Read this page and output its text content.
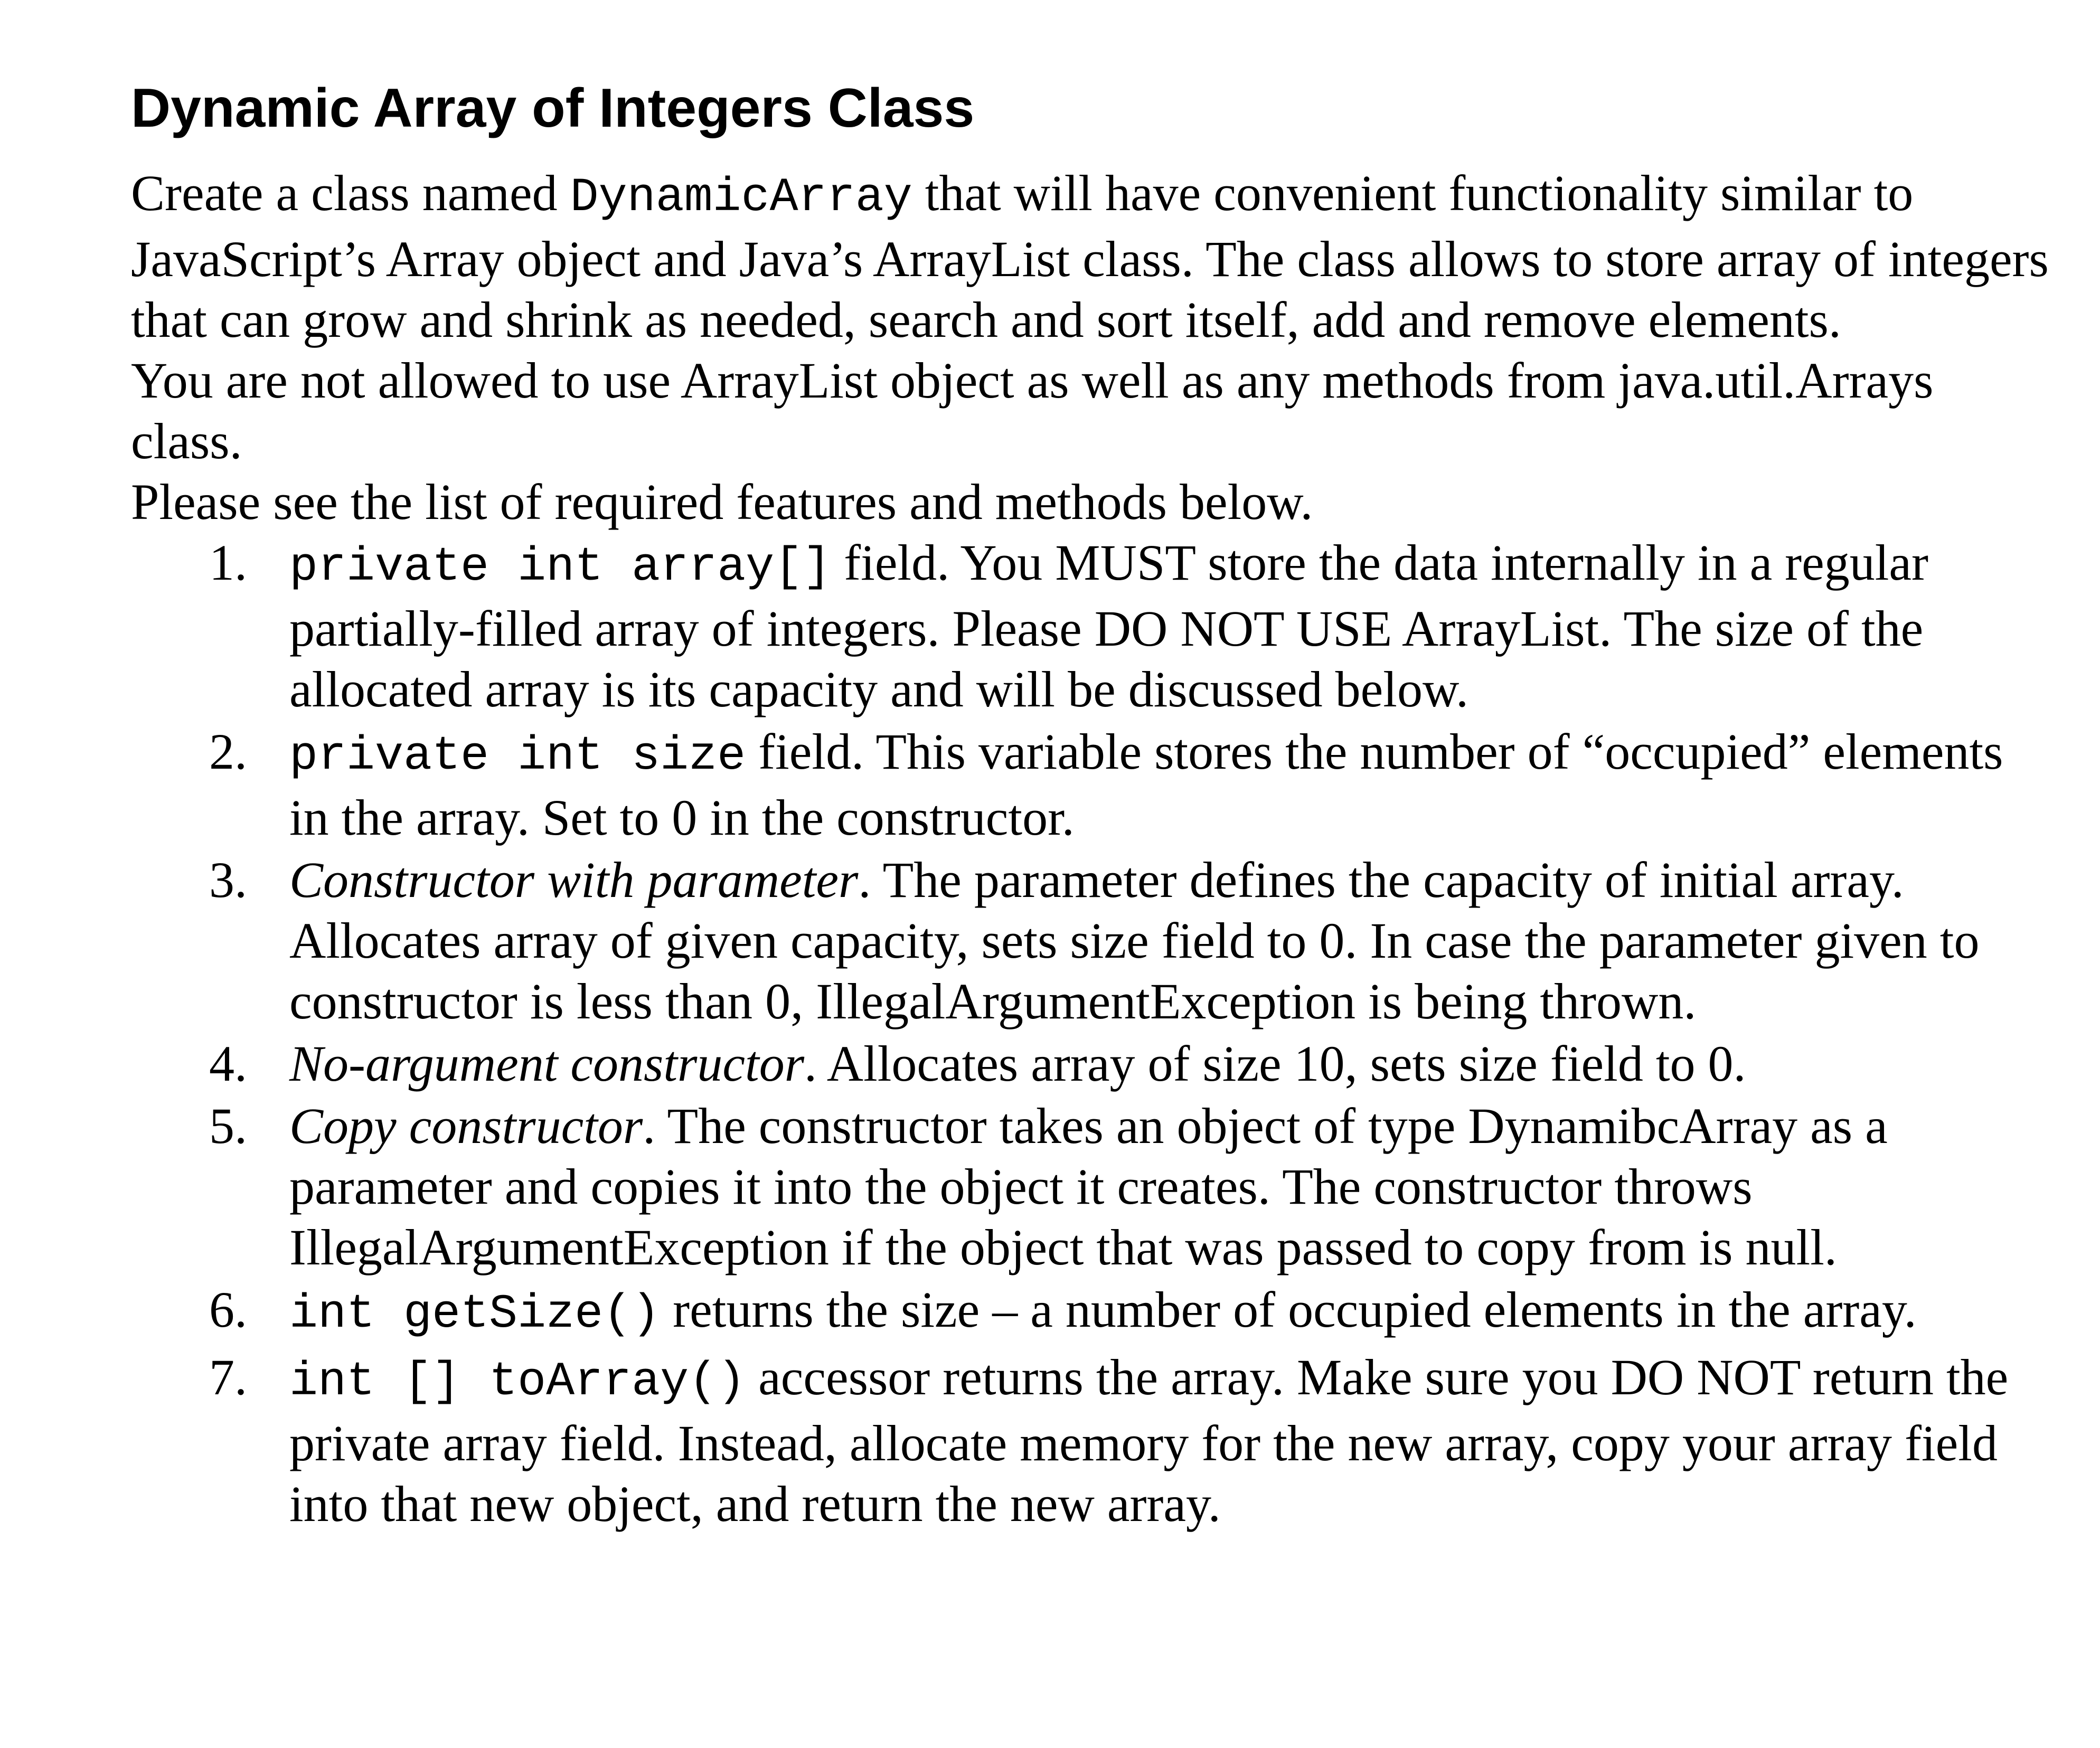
Dynamic Array of Integers Class

Create a class named DynamicArray that will have convenient functionality similar to JavaScript’s Array object and Java’s ArrayList class. The class allows to store array of integers that can grow and shrink as needed, search and sort itself, add and remove elements.

You are not allowed to use ArrayList object as well as any methods from java.util.Arrays class.

Please see the list of required features and methods below.

1. private int array[] field. You MUST store the data internally in a regular partially-filled array of integers. Please DO NOT USE ArrayList. The size of the allocated array is its capacity and will be discussed below.
2. private int size field. This variable stores the number of “occupied” elements in the array. Set to 0 in the constructor.
3. Constructor with parameter. The parameter defines the capacity of initial array. Allocates array of given capacity, sets size field to 0. In case the parameter given to constructor is less than 0, IllegalArgumentException is being thrown.
4. No-argument constructor. Allocates array of size 10, sets size field to 0.
5. Copy constructor. The constructor takes an object of type DynamibcArray as a parameter and copies it into the object it creates. The constructor throws IllegalArgumentException if the object that was passed to copy from is null.
6. int getSize() returns the size – a number of occupied elements in the array.
7. int [] toArray() accessor returns the array. Make sure you DO NOT return the private array field. Instead, allocate memory for the new array, copy your array field into that new object, and return the new array.
